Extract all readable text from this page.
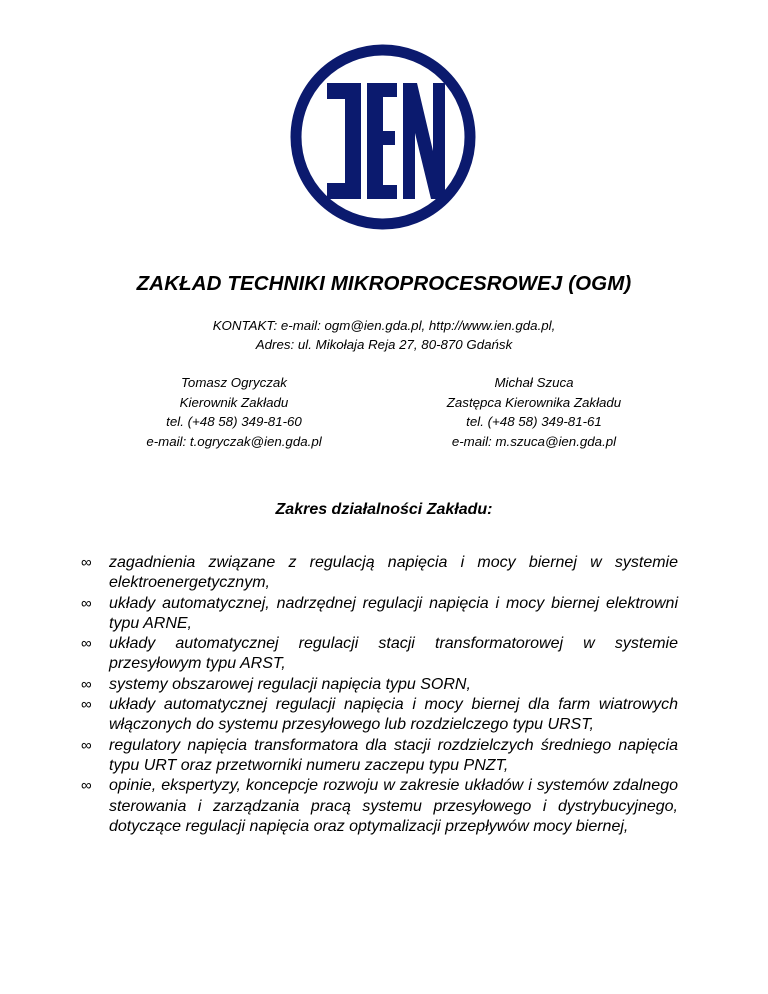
ZAKŁAD TECHNIKI MIKROPROCESROWEJ (OGM)
KONTAKT: e-mail: ogm@ien.gda.pl, http://www.ien.gda.pl,
Adres: ul. Mikołaja Reja 27, 80-870 Gdańsk
Tomasz Ogryczak
Kierownik Zakładu
tel. (+48 58) 349-81-60
e-mail: t.ogryczak@ien.gda.pl
Michał Szuca
Zastępca Kierownika Zakładu
tel. (+48 58) 349-81-61
e-mail: m.szuca@ien.gda.pl
Zakres działalności Zakładu:
∞ zagadnienia związane z regulacją napięcia i mocy biernej w systemie elektroenergetycznym,
∞ układy automatycznej, nadrzędnej regulacji napięcia i mocy biernej elektrowni typu ARNE,
∞ układy automatycznej regulacji stacji transformatorowej w systemie przesyłowym typu ARST,
∞ systemy obszarowej regulacji napięcia typu SORN,
∞ układy automatycznej regulacji napięcia i mocy biernej dla farm wiatrowych włączonych do systemu przesyłowego lub rozdzielczego typu URST,
∞ regulatory napięcia transformatora dla stacji rozdzielczych średniego napięcia typu URT oraz przetworniki numeru zaczepu typu PNZT,
∞ opinie, ekspertyzy, koncepcje rozwoju w zakresie układów i systemów zdalnego sterowania i zarządzania pracą systemu przesyłowego i dystrybucyjnego, dotyczące regulacji napięcia oraz optymalizacji przepływów mocy biernej,
